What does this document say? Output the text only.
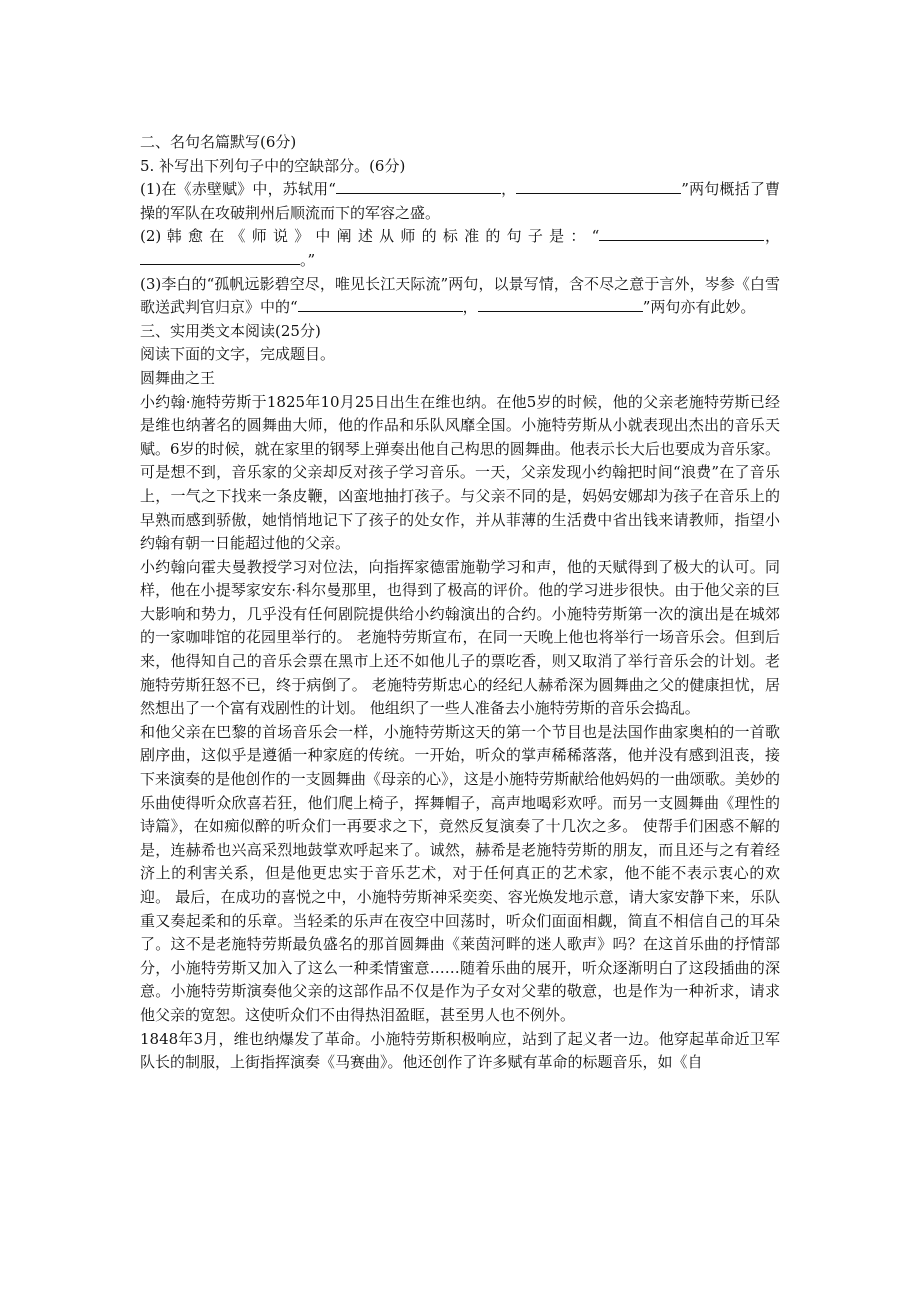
二、名句名篇默写(6分)

5. 补写出下列句子中的空缺部分。(6分)

(1)在《赤壁赋》中，苏轼用“	，	”两句概括了曹操的军队在攻破荆州后顺流而下的军容之盛。

(2) 韩 愈 在 《 师 说 》 中 阐 述 从 师 的 标 准 的 句 子 是 ： “	，。”

(3)李白的“孤帆远影碧空尽，唯见长江天际流”两句，以景写情，含不尽之意于言外，岑参《白雪歌送武判官归京》中的“	，	”两句亦有此妙。

三、实用类文本阅读(25分)

阅读下面的文字，完成题目。

圆舞曲之王

小约翰·施特劳斯于1825年10月25日出生在维也纳。在他5岁的时候，他的父亲老施特劳斯已经是维也纳著名的圆舞曲大师，他的作品和乐队风靡全国。小施特劳斯从小就表现出杰出的音乐天赋。6岁的时候，就在家里的钢琴上弹奏出他自己构思的圆舞曲。他表示长大后也要成为音乐家。可是想不到，音乐家的父亲却反对孩子学习音乐。一天，父亲发现小约翰把时间“浪费”在了音乐上，一气之下找来一条皮鞭，凶蛮地抽打孩子。与父亲不同的是，妈妈安娜却为孩子在音乐上的早熟而感到骄傲，她悄悄地记下了孩子的处女作，并从菲薄的生活费中省出钱来请教师，指望小约翰有朝一日能超过他的父亲。

小约翰向霍夫曼教授学习对位法，向指挥家德雷施勒学习和声，他的天赋得到了极大的认可。同样，他在小提琴家安东·科尔曼那里，也得到了极高的评价。他的学习进步很快。由于他父亲的巨大影响和势力，几乎没有任何剧院提供给小约翰演出的合约。小施特劳斯第一次的演出是在城郊的一家咖啡馆的花园里举行的。 老施特劳斯宣布，在同一天晚上他也将举行一场音乐会。但到后来，他得知自己的音乐会票在黑市上还不如他儿子的票吃香，则又取消了举行音乐会的计划。老施特劳斯狂怒不已，终于病倒了。 老施特劳斯忠心的经纪人赫希深为圆舞曲之父的健康担忧，居然想出了一个富有戏剧性的计划。 他组织了一些人准备去小施特劳斯的音乐会捣乱。

和他父亲在巴黎的首场音乐会一样，小施特劳斯这天的第一个节目也是法国作曲家奥柏的一首歌剧序曲，这似乎是遵循一种家庭的传统。一开始，听众的掌声稀稀落落，他并没有感到沮丧，接下来演奏的是他创作的一支圆舞曲《母亲的心》，这是小施特劳斯献给他妈妈的一曲颂歌。美妙的乐曲使得听众欣喜若狂，他们爬上椅子，挥舞帽子，高声地喝彩欢呼。而另一支圆舞曲《理性的诗篇》，在如痴似醉的听众们一再要求之下，竟然反复演奏了十几次之多。 使帮手们困惑不解的是，连赫希也兴高采烈地鼓掌欢呼起来了。诚然，赫希是老施特劳斯的朋友，而且还与之有着经济上的利害关系，但是他更忠实于音乐艺术，对于任何真正的艺术家，他不能不表示衷心的欢迎。 最后，在成功的喜悦之中，小施特劳斯神采奕奕、容光焕发地示意，请大家安静下来，乐队重又奏起柔和的乐章。当轻柔的乐声在夜空中回荡时，听众们面面相觑，简直不相信自己的耳朵了。这不是老施特劳斯最负盛名的那首圆舞曲《莱茵河畔的迷人歌声》吗？在这首乐曲的抒情部分，小施特劳斯又加入了这么一种柔情蜜意……随着乐曲的展开，听众逐渐明白了这段插曲的深意。小施特劳斯演奏他父亲的这部作品不仅是作为子女对父辈的敬意，也是作为一种祈求，请求他父亲的宽恕。这使听众们不由得热泪盈眶，甚至男人也不例外。

1848年3月，维也纳爆发了革命。小施特劳斯积极响应，站到了起义者一边。他穿起革命近卫军队长的制服，上街指挥演奏《马赛曲》。他还创作了许多赋有革命的标题音乐，如《自
